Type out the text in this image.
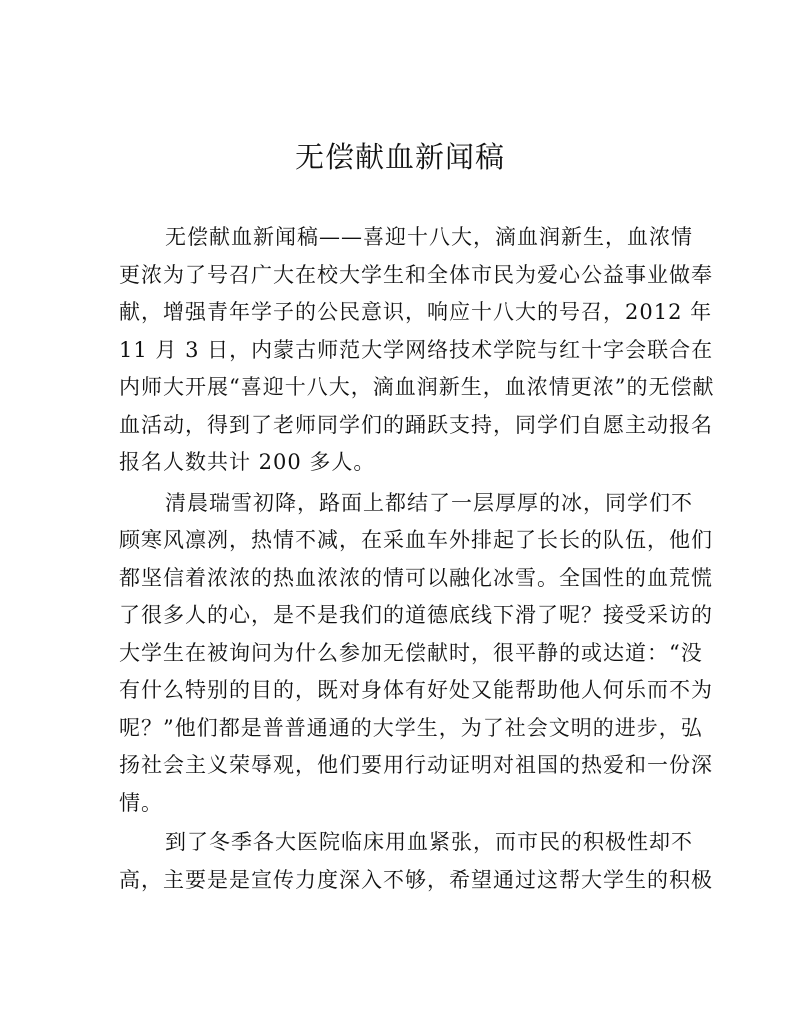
无偿献血新闻稿
无偿献血新闻稿——喜迎十八大，滴血润新生，血浓情
更浓为了号召广大在校大学生和全体市民为爱心公益事业做奉
献，增强青年学子的公民意识，响应十八大的号召，2012 年
11 月 3 日，内蒙古师范大学网络技术学院与红十字会联合在
内师大开展“喜迎十八大，滴血润新生，血浓情更浓”的无偿献
血活动，得到了老师同学们的踊跃支持，同学们自愿主动报名
报名人数共计 200 多人。
清晨瑞雪初降，路面上都结了一层厚厚的冰，同学们不
顾寒风凛冽，热情不减，在采血车外排起了长长的队伍，他们
都坚信着浓浓的热血浓浓的情可以融化冰雪。全国性的血荒慌
了很多人的心，是不是我们的道德底线下滑了呢？接受采访的
大学生在被询问为什么参加无偿献时，很平静的或达道：“没
有什么特别的目的，既对身体有好处又能帮助他人何乐而不为
呢？”他们都是普普通通的大学生，为了社会文明的进步，弘
扬社会主义荣辱观，他们要用行动证明对祖国的热爱和一份深
情。
到了冬季各大医院临床用血紧张，而市民的积极性却不
高，主要是是宣传力度深入不够，希望通过这帮大学生的积极
